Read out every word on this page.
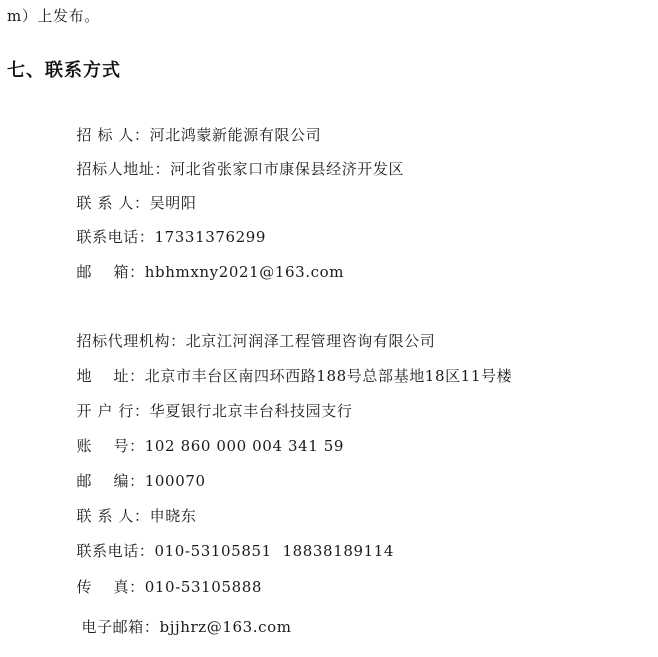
m）上发布。
七、联系方式

招 标 人：河北鸿蒙新能源有限公司

招标人地址：河北省张家口市康保县经济开发区

联 系 人：吴明阳

联系电话：17331376299

邮    箱：hbhmxny2021@163.com

招标代理机构：北京江河润泽工程管理咨询有限公司

地    址：北京市丰台区南四环西路188号总部基地18区11号楼

开 户 行：华夏银行北京丰台科技园支行

账    号：102 860 000 004 341 59

邮    编：100070

联 系 人：申晓东

联系电话：010-53105851  18838189114

传    真：010-53105888

电子邮箱：bjjhrz@163.com
